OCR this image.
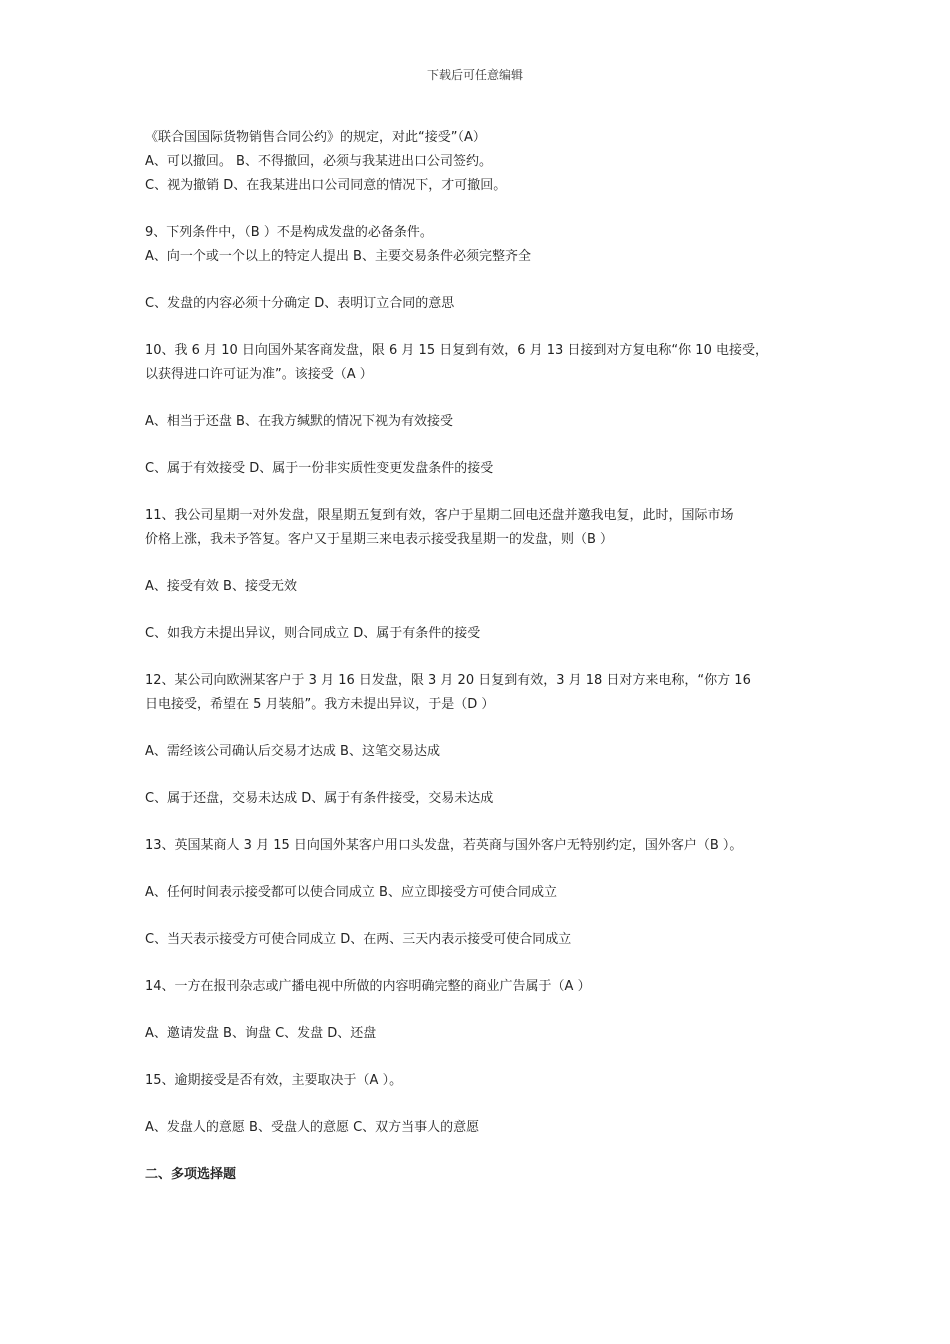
下载后可任意编辑
《联合国国际货物销售合同公约》的规定，对此“接受”（A）
A、可以撤回。 B、不得撤回，必须与我某进出口公司签约。
C、视为撤销 D、在我某进出口公司同意的情况下，才可撤回。
9、下列条件中，（B ）不是构成发盘的必备条件。
A、向一个或一个以上的特定人提出 B、主要交易条件必须完整齐全
C、发盘的内容必须十分确定 D、表明订立合同的意思
10、我 6 月 10 日向国外某客商发盘，限 6 月 15 日复到有效，6 月 13 日接到对方复电称“你 10 电接受，
以获得进口许可证为准”。该接受（A ）
A、相当于还盘 B、在我方缄默的情况下视为有效接受
C、属于有效接受 D、属于一份非实质性变更发盘条件的接受
11、我公司星期一对外发盘，限星期五复到有效，客户于星期二回电还盘并邀我电复，此时，国际市场
价格上涨，我未予答复。客户又于星期三来电表示接受我星期一的发盘，则（B ）
A、接受有效 B、接受无效
C、如我方未提出异议，则合同成立 D、属于有条件的接受
12、某公司向欧洲某客户于 3 月 16 日发盘，限 3 月 20 日复到有效，3 月 18 日对方来电称，“你方 16
日电接受，希望在 5 月装船”。我方未提出异议，于是（D ）
A、需经该公司确认后交易才达成 B、这笔交易达成
C、属于还盘，交易未达成 D、属于有条件接受，交易未达成
13、英国某商人 3 月 15 日向国外某客户用口头发盘，若英商与国外客户无特别约定，国外客户（B ）。
A、任何时间表示接受都可以使合同成立 B、应立即接受方可使合同成立
C、当天表示接受方可使合同成立 D、在两、三天内表示接受可使合同成立
14、一方在报刊杂志或广播电视中所做的内容明确完整的商业广告属于（A ）
A、邀请发盘 B、询盘 C、发盘 D、还盘
15、逾期接受是否有效，主要取决于（A ）。
A、发盘人的意愿 B、受盘人的意愿 C、双方当事人的意愿
二、多项选择题
